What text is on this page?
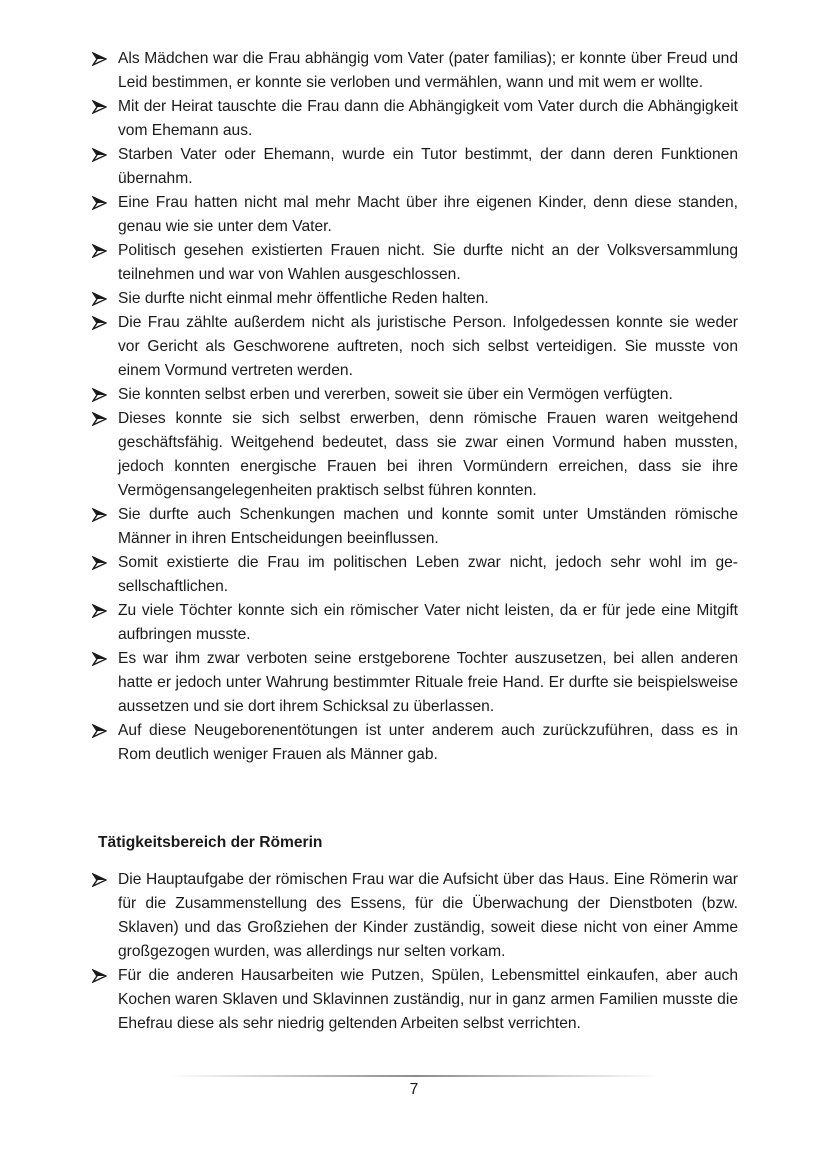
Als Mädchen war die Frau abhängig vom Vater (pater familias); er konnte über Freud und Leid bestimmen, er konnte sie verloben und vermählen, wann und mit wem er wollte.
Mit der Heirat tauschte die Frau dann die Abhängigkeit vom Vater durch die Abhängigkeit vom Ehemann aus.
Starben Vater oder Ehemann, wurde ein Tutor bestimmt, der dann deren Funktionen übernahm.
Eine Frau hatten nicht mal mehr Macht über ihre eigenen Kinder, denn diese standen, genau wie sie unter dem Vater.
Politisch gesehen existierten Frauen nicht. Sie durfte nicht an der Volksversammlung teilnehmen und war von Wahlen ausgeschlossen.
Sie durfte nicht einmal mehr öffentliche Reden halten.
Die Frau zählte außerdem nicht als juristische Person. Infolgedessen konnte sie weder vor Gericht als Geschworene auftreten, noch sich selbst verteidigen. Sie musste von einem Vormund vertreten werden.
Sie konnten selbst erben und vererben, soweit sie über ein Vermögen verfügten.
Dieses konnte sie sich selbst erwerben, denn römische Frauen waren weitgehend geschäftsfähig. Weitgehend bedeutet, dass sie zwar einen Vormund haben mussten, jedoch konnten energische Frauen bei ihren Vormündern erreichen, dass sie ihre Vermögensangelegenheiten praktisch selbst führen konnten.
Sie durfte auch Schenkungen machen und konnte somit unter Umständen römische Männer in ihren Entscheidungen beeinflussen.
Somit existierte die Frau im politischen Leben zwar nicht, jedoch sehr wohl im gesellschaftlichen.
Zu viele Töchter konnte sich ein römischer Vater nicht leisten, da er für jede eine Mitgift aufbringen musste.
Es war ihm zwar verboten seine erstgeborene Tochter auszusetzen, bei allen anderen hatte er jedoch unter Wahrung bestimmter Rituale freie Hand. Er durfte sie beispielsweise aussetzen und sie dort ihrem Schicksal zu überlassen.
Auf diese Neugeborenentötungen ist unter anderem auch zurückzuführen, dass es in Rom deutlich weniger Frauen als Männer gab.
Tätigkeitsbereich der Römerin
Die Hauptaufgabe der römischen Frau war die Aufsicht über das Haus. Eine Römerin war für die Zusammenstellung des Essens, für die Überwachung der Dienstboten (bzw. Sklaven) und das Großziehen der Kinder zuständig, soweit diese nicht von einer Amme großgezogen wurden, was allerdings nur selten vorkam.
Für die anderen Hausarbeiten wie Putzen, Spülen, Lebensmittel einkaufen, aber auch Kochen waren Sklaven und Sklavinnen zuständig, nur in ganz armen Familien musste die Ehefrau diese als sehr niedrig geltenden Arbeiten selbst verrichten.
7
